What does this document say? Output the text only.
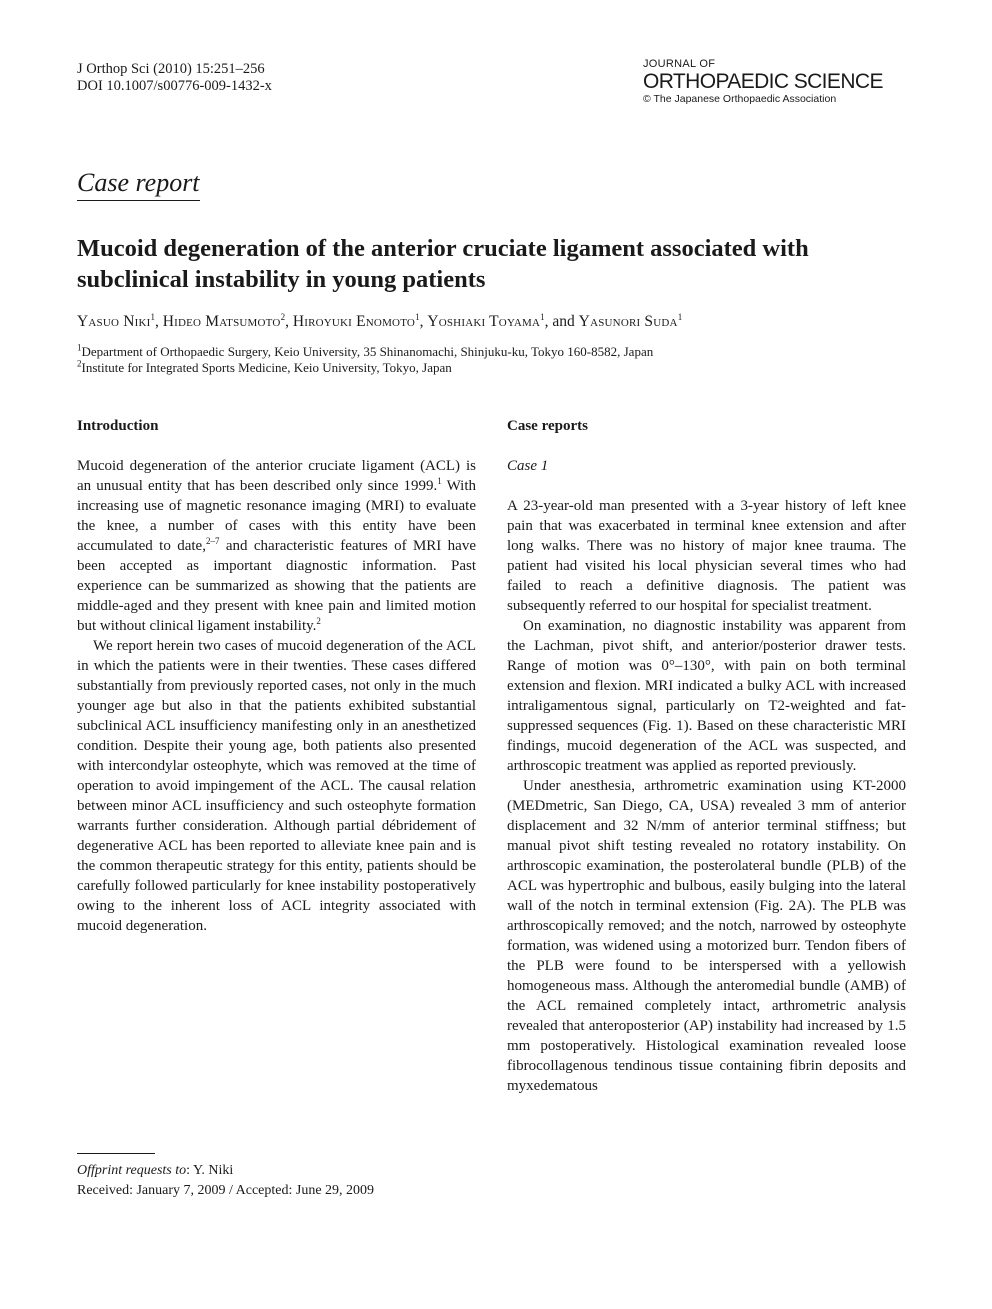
J Orthop Sci (2010) 15:251–256
DOI 10.1007/s00776-009-1432-x
JOURNAL OF
ORTHOPAEDIC SCIENCE
© The Japanese Orthopaedic Association
Case report
Mucoid degeneration of the anterior cruciate ligament associated with subclinical instability in young patients
Yasuo Niki$^1$, Hideo Matsumoto$^2$, Hiroyuki Enomoto$^1$, Yoshiaki Toyama$^1$, and Yasunori Suda$^1$
$^1$Department of Orthopaedic Surgery, Keio University, 35 Shinanomachi, Shinjuku-ku, Tokyo 160-8582, Japan
$^2$Institute for Integrated Sports Medicine, Keio University, Tokyo, Japan
Introduction

Mucoid degeneration of the anterior cruciate ligament (ACL) is an unusual entity that has been described only since 1999.$^1$ With increasing use of magnetic resonance imaging (MRI) to evaluate the knee, a number of cases with this entity have been accumulated to date,$^{2-7}$ and characteristic features of MRI have been accepted as important diagnostic information. Past experience can be summarized as showing that the patients are middle-aged and they present with knee pain and limited motion but without clinical ligament instability.$^2$

We report herein two cases of mucoid degeneration of the ACL in which the patients were in their twenties. These cases differed substantially from previously reported cases, not only in the much younger age but also in that the patients exhibited substantial subclinical ACL insufficiency manifesting only in an anesthetized condition. Despite their young age, both patients also presented with intercondylar osteophyte, which was removed at the time of operation to avoid impingement of the ACL. The causal relation between minor ACL insufficiency and such osteophyte formation warrants further consideration. Although partial débridement of degenerative ACL has been reported to alleviate knee pain and is the common therapeutic strategy for this entity, patients should be carefully followed particularly for knee instability postoperatively owing to the inherent loss of ACL integrity associated with mucoid degeneration.

Case reports
Case 1

A 23-year-old man presented with a 3-year history of left knee pain that was exacerbated in terminal knee extension and after long walks. There was no history of major knee trauma. The patient had visited his local physician several times who had failed to reach a definitive diagnosis. The patient was subsequently referred to our hospital for specialist treatment.

On examination, no diagnostic instability was apparent from the Lachman, pivot shift, and anterior/posterior drawer tests. Range of motion was 0°–130°, with pain on both terminal extension and flexion. MRI indicated a bulky ACL with increased intraligamentous signal, particularly on T2-weighted and fat-suppressed sequences (Fig. 1). Based on these characteristic MRI findings, mucoid degeneration of the ACL was suspected, and arthroscopic treatment was applied as reported previously.

Under anesthesia, arthrometric examination using KT-2000 (MEDmetric, San Diego, CA, USA) revealed 3 mm of anterior displacement and 32 N/mm of anterior terminal stiffness; but manual pivot shift testing revealed no rotatory instability. On arthroscopic examination, the posterolateral bundle (PLB) of the ACL was hypertrophic and bulbous, easily bulging into the lateral wall of the notch in terminal extension (Fig. 2A). The PLB was arthroscopically removed; and the notch, narrowed by osteophyte formation, was widened using a motorized burr. Tendon fibers of the PLB were found to be interspersed with a yellowish homogeneous mass. Although the anteromedial bundle (AMB) of the ACL remained completely intact, arthrometric analysis revealed that anteroposterior (AP) instability had increased by 1.5 mm postoperatively. Histological examination revealed loose fibrocollagenous tendinous tissue containing fibrin deposits and myxedematous

Offprint requests to: Y. Niki
Received: January 7, 2009 / Accepted: June 29, 2009
